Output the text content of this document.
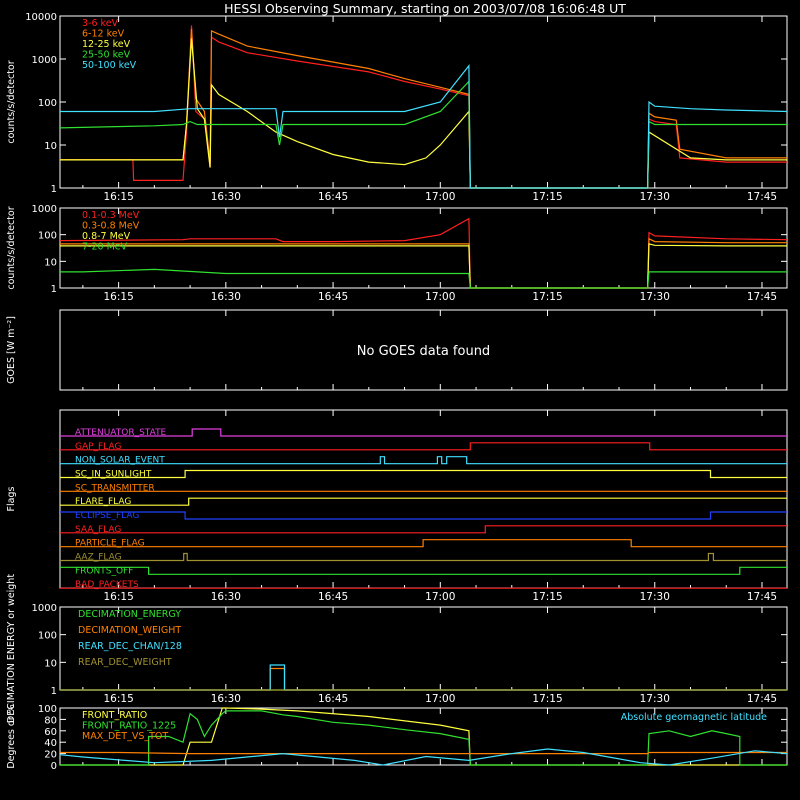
HESSI Observing Summary, starting on 2003/07/08 16:06:48 UT
16:15	16:30	16:45	17:00	17:15	17:30	17:45
1
10
100
1000
10000
counts/s/detector
3-6 keV
6-12 keV
12-25 keV
25-50 keV
50-100 keV
16:15	16:30	16:45	17:00	17:15	17:30	17:45
1
10
100
1000
counts/s/detector	0.1-0.3 MeV
0.3-0.8 MeV
0.8-7 MeV
7-20 MeV
GOES [W m⁻²]	No GOES data found
16:15	16:30	16:45	17:00	17:15	17:30	17:45
Flags
ATTENUATOR_STATE
GAP_FLAG
NON_SOLAR_EVENT
SC_IN_SUNLIGHT
SC_TRANSMITTER
FLARE_FLAG
ECLIPSE_FLAG
SAA_FLAG
PARTICLE_FLAG
AAZ_FLAG
FRONTS_OFF
BAD_PACKETS
16:15	16:30	16:45	17:00	17:15	17:30	17:45
1
10
100
1000
DECIMATION ENERGY or weight	DECIMATION_ENERGY
DECIMATION_WEIGHT
REAR_DEC_CHAN/128
REAR_DEC_WEIGHT
0
20
40
60
80
100
Degrees or %	FRONT_RATIO
FRONT_RATIO_1225
MAX_DET_VS_TOT
Absolute geomagnetic latitude
